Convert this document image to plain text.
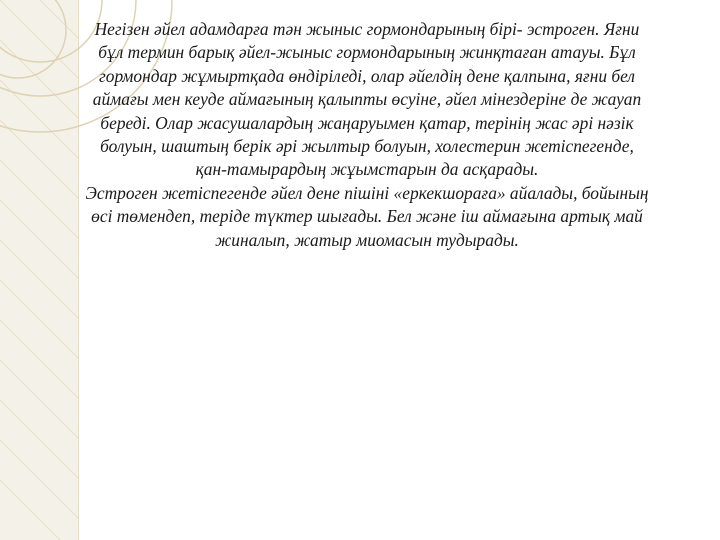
Негізен әйел адамдарға тән жыныс гормондарының бірі- эстроген. Яғни бұл термин барық әйел-жыныс гормондарының жинқтаған атауы. Бұл гормондар жұмыртқада өндіріледі, олар әйелдің дене қалпына, яғни бел аймағы мен кеуде аймағының қалыпты өсуіне, әйел мінездеріне де жауап береді. Олар жасушалардың жаңаруымен қатар, терінің жас әрі нәзік болуын, шаштың берік әрі жылтыр болуын, холестерин жетіспегенде, қан-тамырардың жұымстарын да асқарады.

Эстроген жетіспегенде әйел дене пішіні «еркекшораға» айалады, бойының өсі төмендеп, теріде түктер шығады. Бел және іш аймағына артық май жиналып, жатыр миомасын тудырады.
